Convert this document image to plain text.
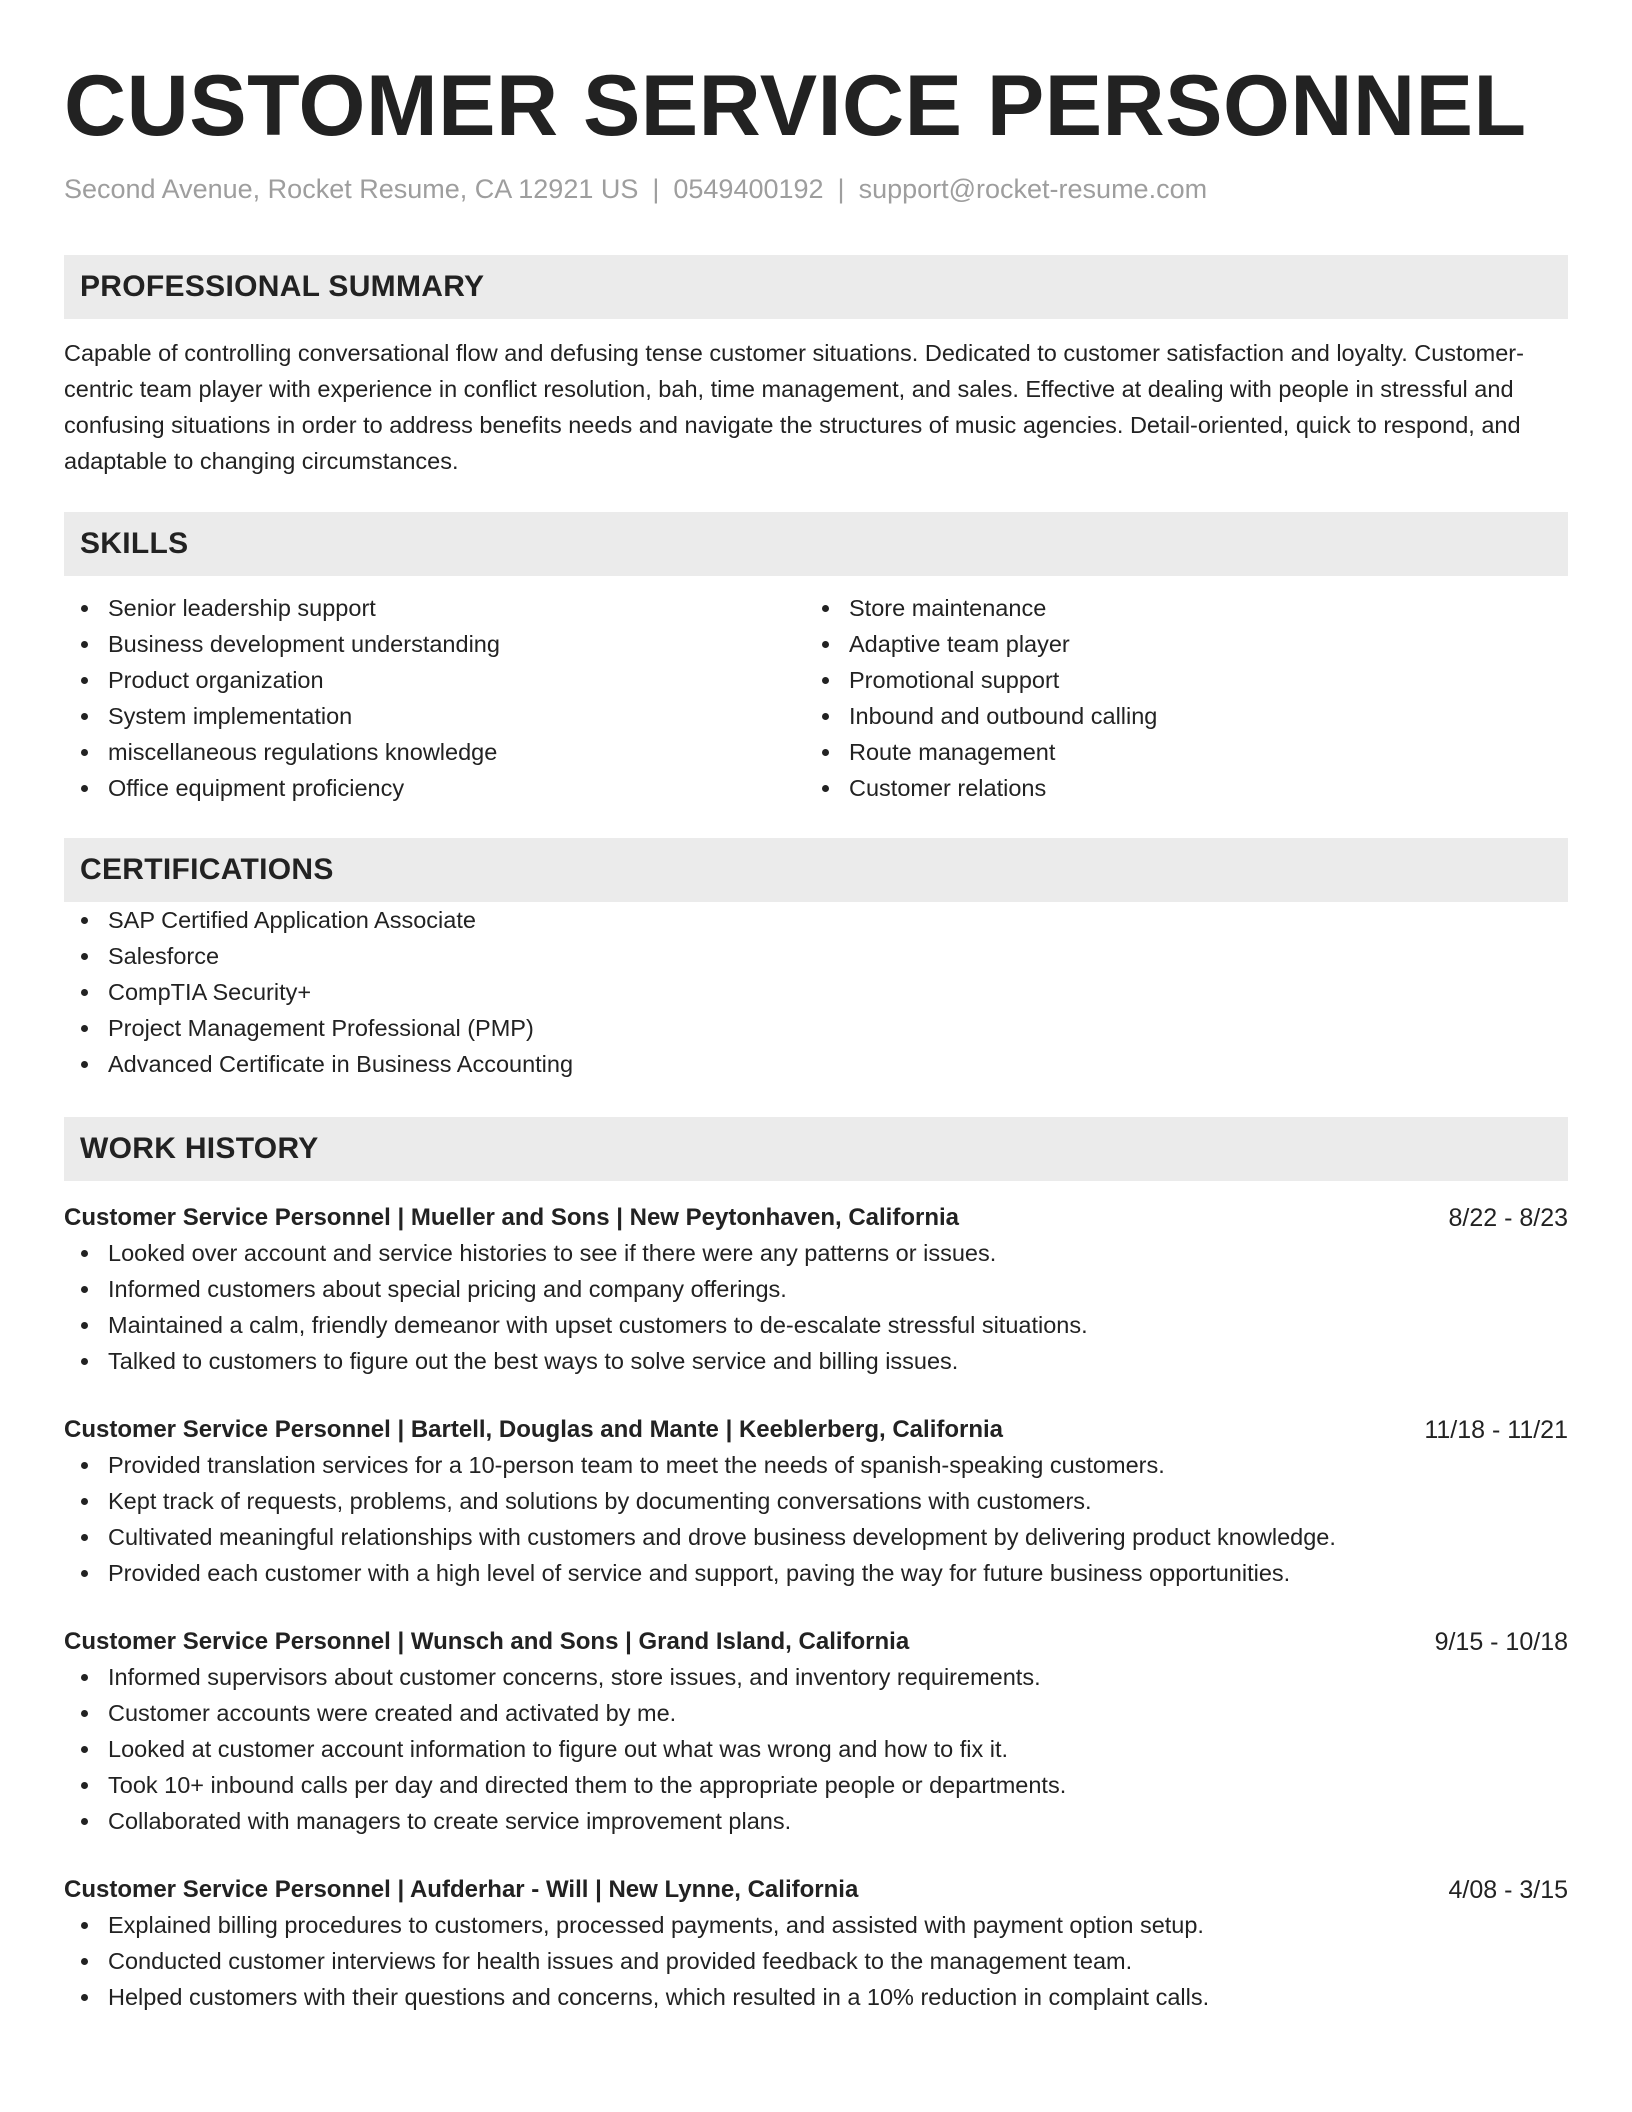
CUSTOMER SERVICE PERSONNEL
Second Avenue, Rocket Resume, CA 12921 US | 0549400192 | support@rocket-resume.com
PROFESSIONAL SUMMARY
Capable of controlling conversational flow and defusing tense customer situations. Dedicated to customer satisfaction and loyalty. Customer-centric team player with experience in conflict resolution, bah, time management, and sales. Effective at dealing with people in stressful and confusing situations in order to address benefits needs and navigate the structures of music agencies. Detail-oriented, quick to respond, and adaptable to changing circumstances.
SKILLS
Senior leadership support
Business development understanding
Product organization
System implementation
miscellaneous regulations knowledge
Office equipment proficiency
Store maintenance
Adaptive team player
Promotional support
Inbound and outbound calling
Route management
Customer relations
CERTIFICATIONS
SAP Certified Application Associate
Salesforce
CompTIA Security+
Project Management Professional (PMP)
Advanced Certificate in Business Accounting
WORK HISTORY
Customer Service Personnel | Mueller and Sons | New Peytonhaven, California	8/22 - 8/23
Looked over account and service histories to see if there were any patterns or issues.
Informed customers about special pricing and company offerings.
Maintained a calm, friendly demeanor with upset customers to de-escalate stressful situations.
Talked to customers to figure out the best ways to solve service and billing issues.
Customer Service Personnel | Bartell, Douglas and Mante | Keeblerberg, California	11/18 - 11/21
Provided translation services for a 10-person team to meet the needs of spanish-speaking customers.
Kept track of requests, problems, and solutions by documenting conversations with customers.
Cultivated meaningful relationships with customers and drove business development by delivering product knowledge.
Provided each customer with a high level of service and support, paving the way for future business opportunities.
Customer Service Personnel | Wunsch and Sons | Grand Island, California	9/15 - 10/18
Informed supervisors about customer concerns, store issues, and inventory requirements.
Customer accounts were created and activated by me.
Looked at customer account information to figure out what was wrong and how to fix it.
Took 10+ inbound calls per day and directed them to the appropriate people or departments.
Collaborated with managers to create service improvement plans.
Customer Service Personnel | Aufderhar - Will | New Lynne, California	4/08 - 3/15
Explained billing procedures to customers, processed payments, and assisted with payment option setup.
Conducted customer interviews for health issues and provided feedback to the management team.
Helped customers with their questions and concerns, which resulted in a 10% reduction in complaint calls.
